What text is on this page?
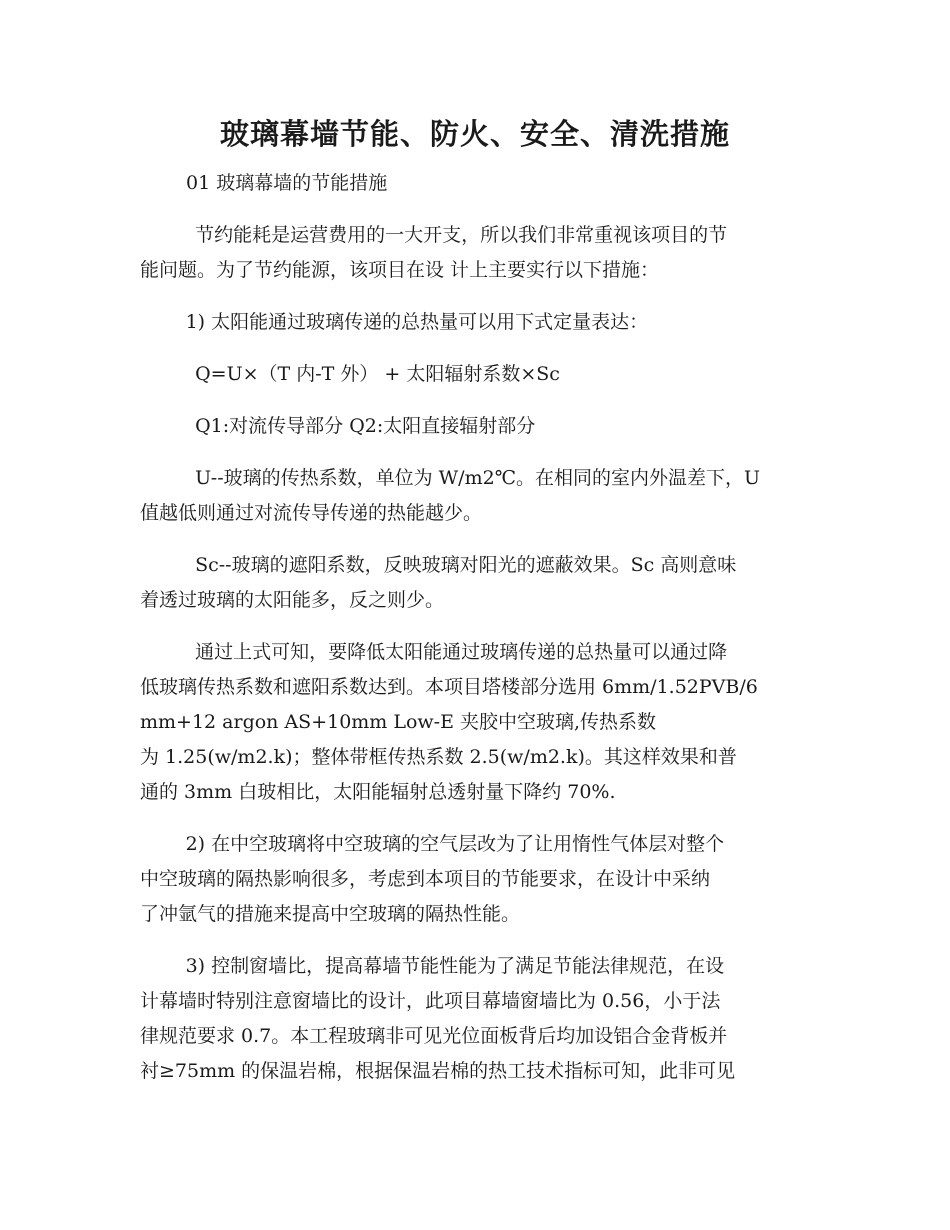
玻璃幕墙节能、防火、安全、清洗措施

01 玻璃幕墙的节能措施

节约能耗是运营费用的一大开支，所以我们非常重视该项目的节
能问题。为了节约能源，该项目在设 计上主要实行以下措施：

1) 太阳能通过玻璃传递的总热量可以用下式定量表达：

Q=U×（T 内-T 外） + 太阳辐射系数×Sc

Q1:对流传导部分 Q2:太阳直接辐射部分

U--玻璃的传热系数，单位为 W/m2℃。在相同的室内外温差下，U
值越低则通过对流传导传递的热能越少。

Sc--玻璃的遮阳系数，反映玻璃对阳光的遮蔽效果。Sc 高则意味
着透过玻璃的太阳能多，反之则少。

通过上式可知，要降低太阳能通过玻璃传递的总热量可以通过降
低玻璃传热系数和遮阳系数达到。本项目塔楼部分选用 6mm/1.52PVB/6
mm+12 argon AS+10mm Low-E 夹胶中空玻璃,传热系数
为 1.25(w/m2.k)；整体带框传热系数 2.5(w/m2.k)。其这样效果和普
通的 3mm 白玻相比，太阳能辐射总透射量下降约 70%.

2) 在中空玻璃将中空玻璃的空气层改为了让用惰性气体层对整个
中空玻璃的隔热影响很多，考虑到本项目的节能要求，在设计中采纳
了冲氩气的措施来提高中空玻璃的隔热性能。

3) 控制窗墙比，提高幕墙节能性能为了满足节能法律规范，在设
计幕墙时特别注意窗墙比的设计，此项目幕墙窗墙比为 0.56，小于法
律规范要求 0.7。本工程玻璃非可见光位面板背后均加设铝合金背板并
衬≥75mm 的保温岩棉，根据保温岩棉的热工技术指标可知，此非可见
